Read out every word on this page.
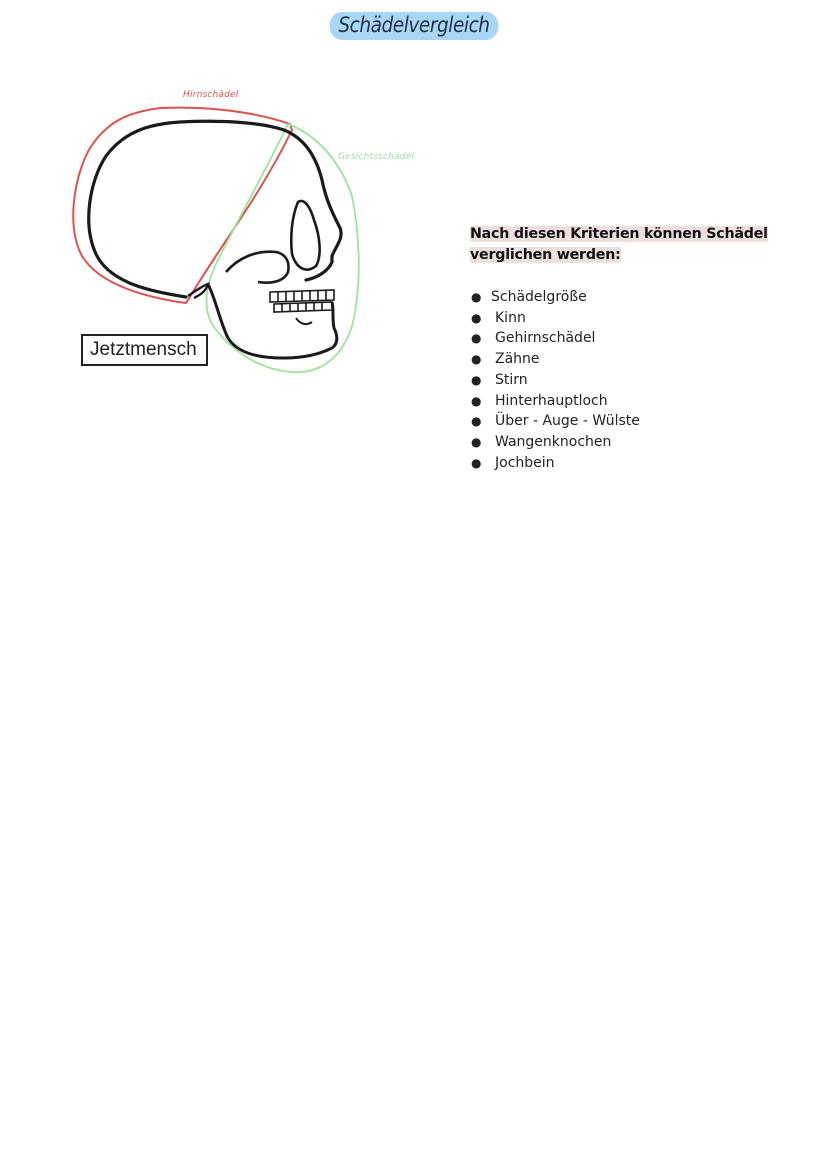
Schädelvergleich
Hirnschädel
Gesichtsschädel
Jetztmensch

Nach diesen Kriterien können Schädel
verglichen werden:

● Schädelgröße
● Kinn
● Gehirnschädel
● Zähne
● Stirn
● Hinterhauptloch
● Über - Auge - Wülste
● Wangenknochen
● Jochbein
